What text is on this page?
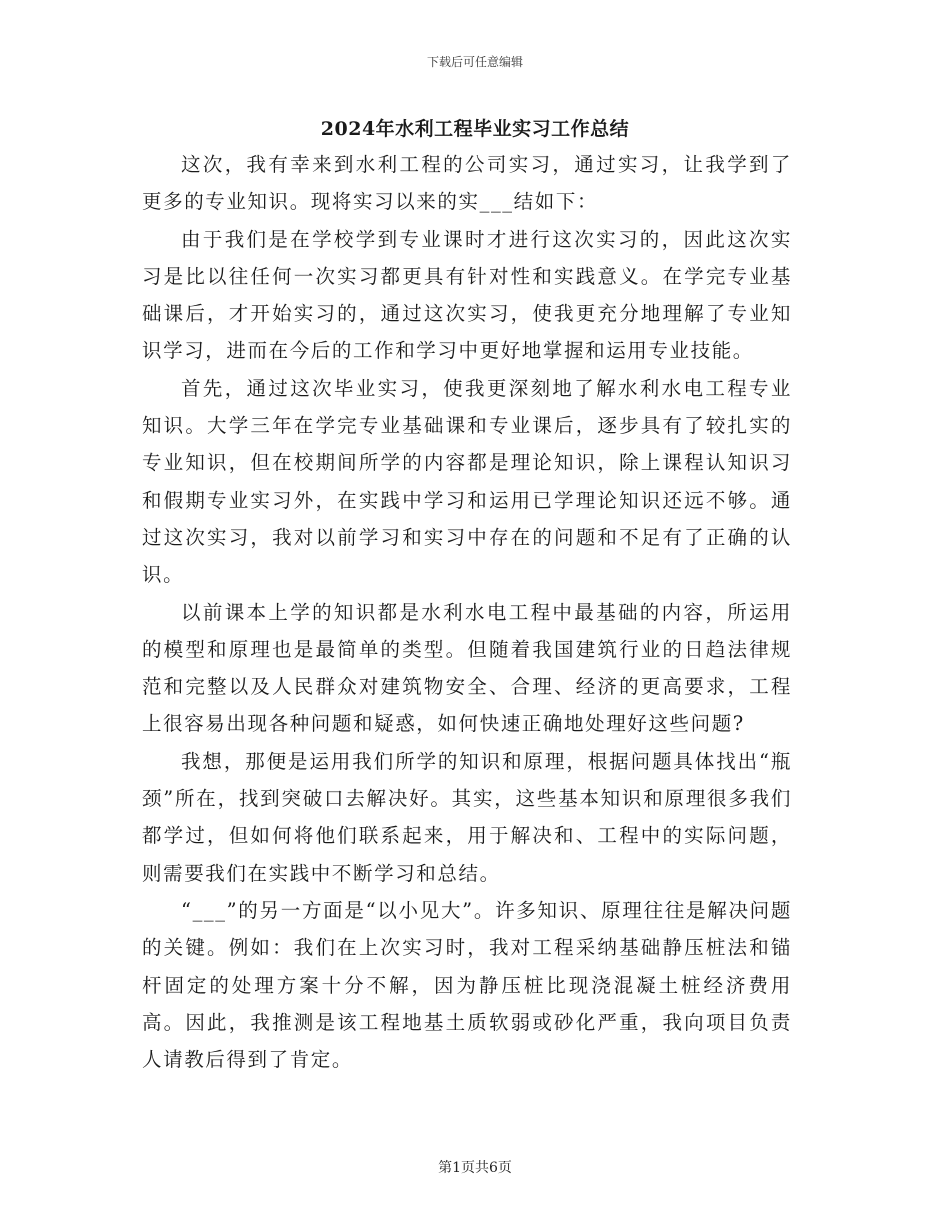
下载后可任意编辑
2024年水利工程毕业实习工作总结

这次，我有幸来到水利工程的公司实习，通过实习，让我学到了更多的专业知识。现将实习以来的实___结如下：

由于我们是在学校学到专业课时才进行这次实习的，因此这次实习是比以往任何一次实习都更具有针对性和实践意义。在学完专业基础课后，才开始实习的，通过这次实习，使我更充分地理解了专业知识学习，进而在今后的工作和学习中更好地掌握和运用专业技能。

首先，通过这次毕业实习，使我更深刻地了解水利水电工程专业知识。大学三年在学完专业基础课和专业课后，逐步具有了较扎实的专业知识，但在校期间所学的内容都是理论知识，除上课程认知识习和假期专业实习外，在实践中学习和运用已学理论知识还远不够。通过这次实习，我对以前学习和实习中存在的问题和不足有了正确的认识。

以前课本上学的知识都是水利水电工程中最基础的内容，所运用的模型和原理也是最简单的类型。但随着我国建筑行业的日趋法律规范和完整以及人民群众对建筑物安全、合理、经济的更高要求，工程上很容易出现各种问题和疑惑，如何快速正确地处理好这些问题?

我想，那便是运用我们所学的知识和原理，根据问题具体找出“瓶颈”所在，找到突破口去解决好。其实，这些基本知识和原理很多我们都学过，但如何将他们联系起来，用于解决和、工程中的实际问题，则需要我们在实践中不断学习和总结。

“___”的另一方面是“以小见大”。许多知识、原理往往是解决问题的关键。例如：我们在上次实习时，我对工程采纳基础静压桩法和锚杆固定的处理方案十分不解，因为静压桩比现浇混凝土桩经济费用高。因此，我推测是该工程地基土质软弱或砂化严重，我向项目负责人请教后得到了肯定。

第1页共6页
